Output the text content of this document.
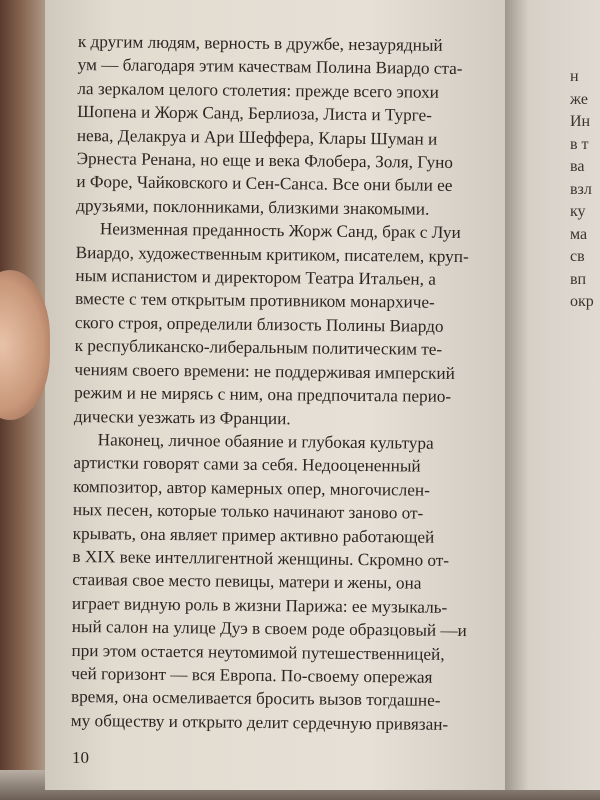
к другим людям, верность в дружбе, незаурядный
ум — благодаря этим качествам Полина Виардо ста-
ла зеркалом целого столетия: прежде всего эпохи
Шопена и Жорж Санд, Берлиоза, Листа и Турге-
нева, Делакруа и Ари Шеффера, Клары Шуман и
Эрнеста Ренана, но еще и века Флобера, Золя, Гуно
и Форе, Чайковского и Сен-Санса. Все они были ее
друзьями, поклонниками, близкими знакомыми.

Неизменная преданность Жорж Санд, брак с Луи
Виардо, художественным критиком, писателем, круп-
ным испанистом и директором Театра Итальен, а
вместе с тем открытым противником монархиче-
ского строя, определили близость Полины Виардо
к республиканско-либеральным политическим те-
чениям своего времени: не поддерживая имперский
режим и не мирясь с ним, она предпочитала перио-
дически уезжать из Франции.

Наконец, личное обаяние и глубокая культура
артистки говорят сами за себя. Недооцененный
композитор, автор камерных опер, многочислен-
ных песен, которые только начинают заново от-
крывать, она являет пример активно работающей
в XIX веке интеллигентной женщины. Скромно от-
стаивая свое место певицы, матери и жены, она
играет видную роль в жизни Парижа: ее музыкаль-
ный салон на улице Дуэ в своем роде образцовый —и
при этом остается неутомимой путешественницей,
чей горизонт — вся Европа. По-своему опережая
время, она осмеливается бросить вызов тогдашне-
му обществу и открыто делит сердечную привязан-

10
н
же
Ин
в т
ва
взл
ку
ма
св
вп
окр
